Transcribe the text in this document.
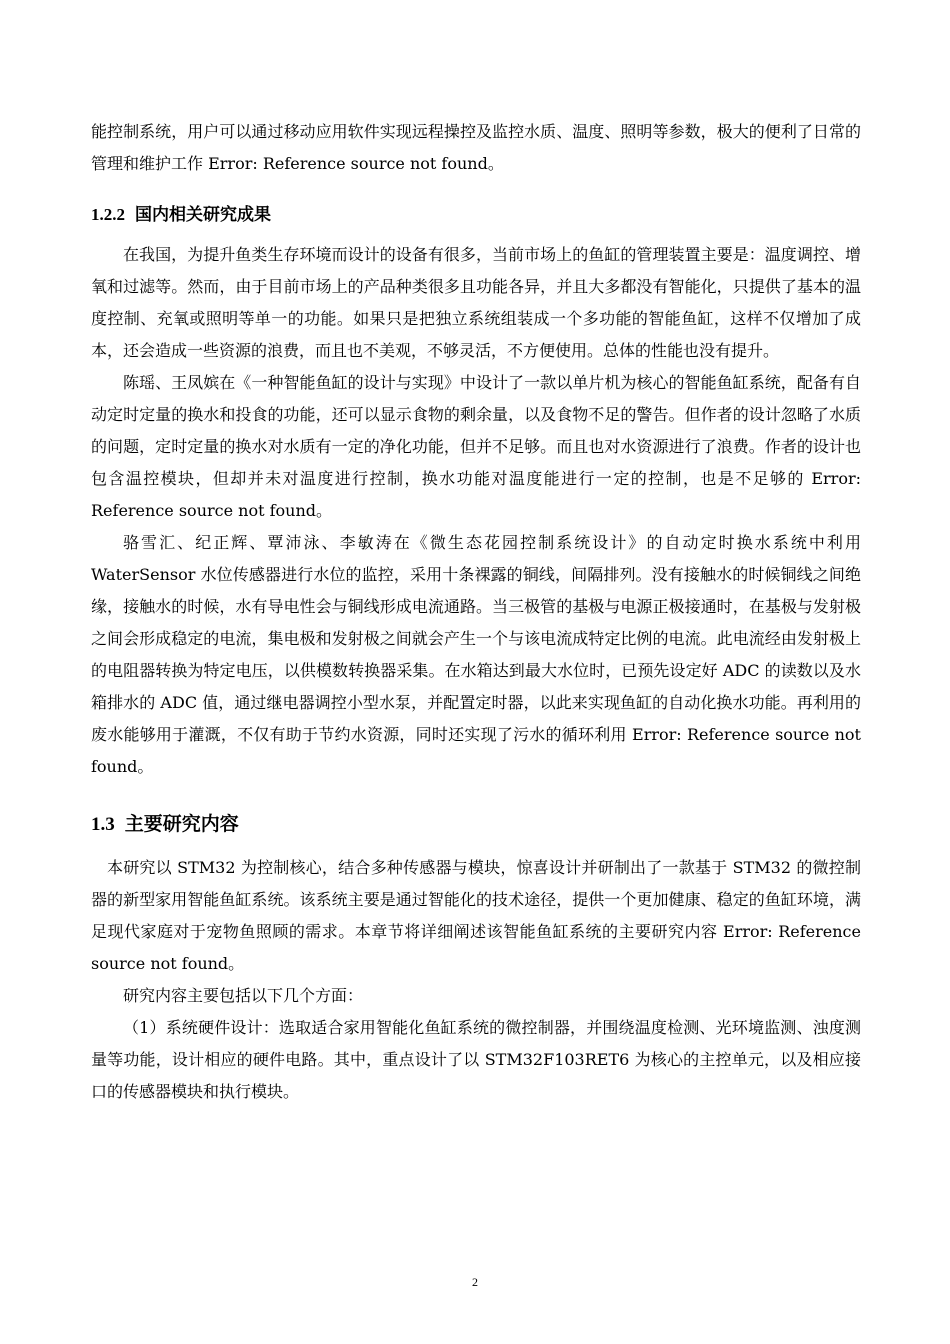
能控制系统，用户可以通过移动应用软件实现远程操控及监控水质、温度、照明等参数，极大的便利了日常的管理和维护工作 Error: Reference source not found。

1.2.2 国内相关研究成果

在我国，为提升鱼类生存环境而设计的设备有很多，当前市场上的鱼缸的管理装置主要是：温度调控、增氧和过滤等。然而，由于目前市场上的产品种类很多且功能各异，并且大多都没有智能化，只提供了基本的温度控制、充氧或照明等单一的功能。如果只是把独立系统组装成一个多功能的智能鱼缸，这样不仅增加了成本，还会造成一些资源的浪费，而且也不美观，不够灵活，不方便使用。总体的性能也没有提升。

陈瑶、王凤嫔在《一种智能鱼缸的设计与实现》中设计了一款以单片机为核心的智能鱼缸系统，配备有自动定时定量的换水和投食的功能，还可以显示食物的剩余量，以及食物不足的警告。但作者的设计忽略了水质的问题，定时定量的换水对水质有一定的净化功能，但并不足够。而且也对水资源进行了浪费。作者的设计也包含温控模块，但却并未对温度进行控制，换水功能对温度能进行一定的控制，也是不足够的 Error: Reference source not found。

骆雪汇、纪正辉、覃沛泳、李敏涛在《微生态花园控制系统设计》的自动定时换水系统中利用 WaterSensor 水位传感器进行水位的监控，采用十条裸露的铜线，间隔排列。没有接触水的时候铜线之间绝缘，接触水的时候，水有导电性会与铜线形成电流通路。当三极管的基极与电源正极接通时，在基极与发射极之间会形成稳定的电流，集电极和发射极之间就会产生一个与该电流成特定比例的电流。此电流经由发射极上的电阻器转换为特定电压，以供模数转换器采集。在水箱达到最大水位时，已预先设定好 ADC 的读数以及水箱排水的 ADC 值，通过继电器调控小型水泵，并配置定时器，以此来实现鱼缸的自动化换水功能。再利用的废水能够用于灌溉，不仅有助于节约水资源，同时还实现了污水的循环利用 Error: Reference source not found。

1.3 主要研究内容

本研究以 STM32 为控制核心，结合多种传感器与模块，惊喜设计并研制出了一款基于 STM32 的微控制器的新型家用智能鱼缸系统。该系统主要是通过智能化的技术途径，提供一个更加健康、稳定的鱼缸环境，满足现代家庭对于宠物鱼照顾的需求。本章节将详细阐述该智能鱼缸系统的主要研究内容 Error: Reference source not found。

研究内容主要包括以下几个方面：

（1）系统硬件设计：选取适合家用智能化鱼缸系统的微控制器，并围绕温度检测、光环境监测、浊度测量等功能，设计相应的硬件电路。其中，重点设计了以 STM32F103RET6 为核心的主控单元，以及相应接口的传感器模块和执行模块。

2
